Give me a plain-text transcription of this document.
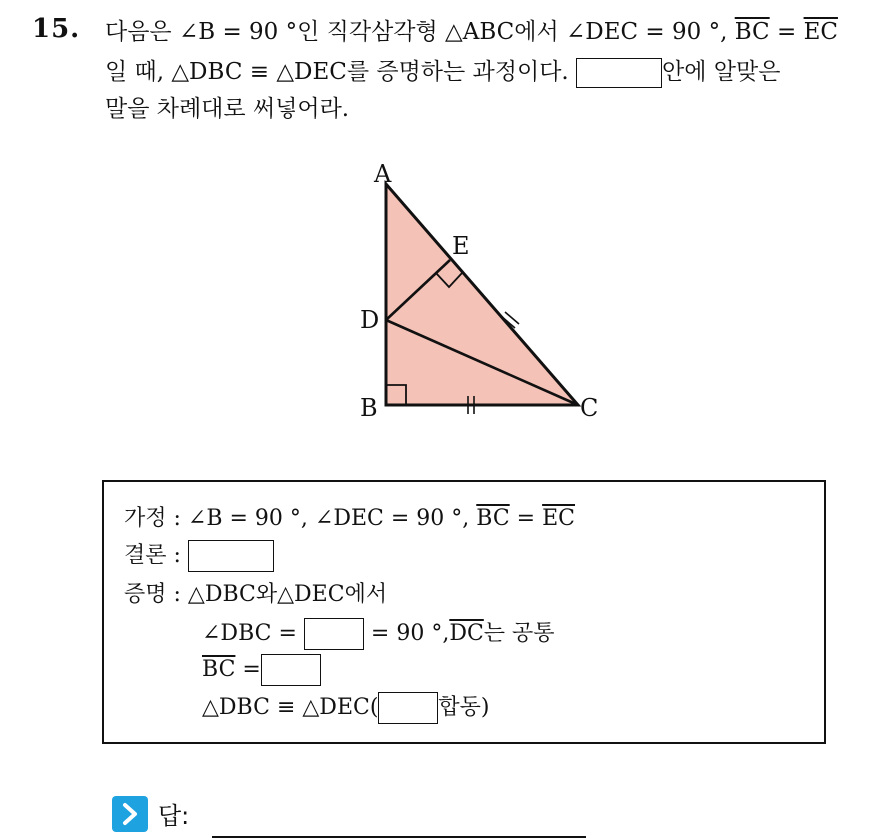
15. 다음은 ∠B = 90 °인 직각삼각형 △ABC에서 ∠DEC = 90 °, $\overline{BC} = \overline{EC}$
일 때, △DBC ≡ △DEC를 증명하는 과정이다.	안에 알맞은
말을 차례대로 써넣어라.
A
E
D
B	C
가정 : ∠B = 90 °, ∠DEC = 90 °, $\overline{BC} = \overline{EC}$
결론 :
증명 : △DBC와△DEC에서
∠DBC =	= 90 $^\circ,\overline{DC}$는 공통
$\overline{BC}$ =
△DBC ≡ △DEC(	합동)
답:
